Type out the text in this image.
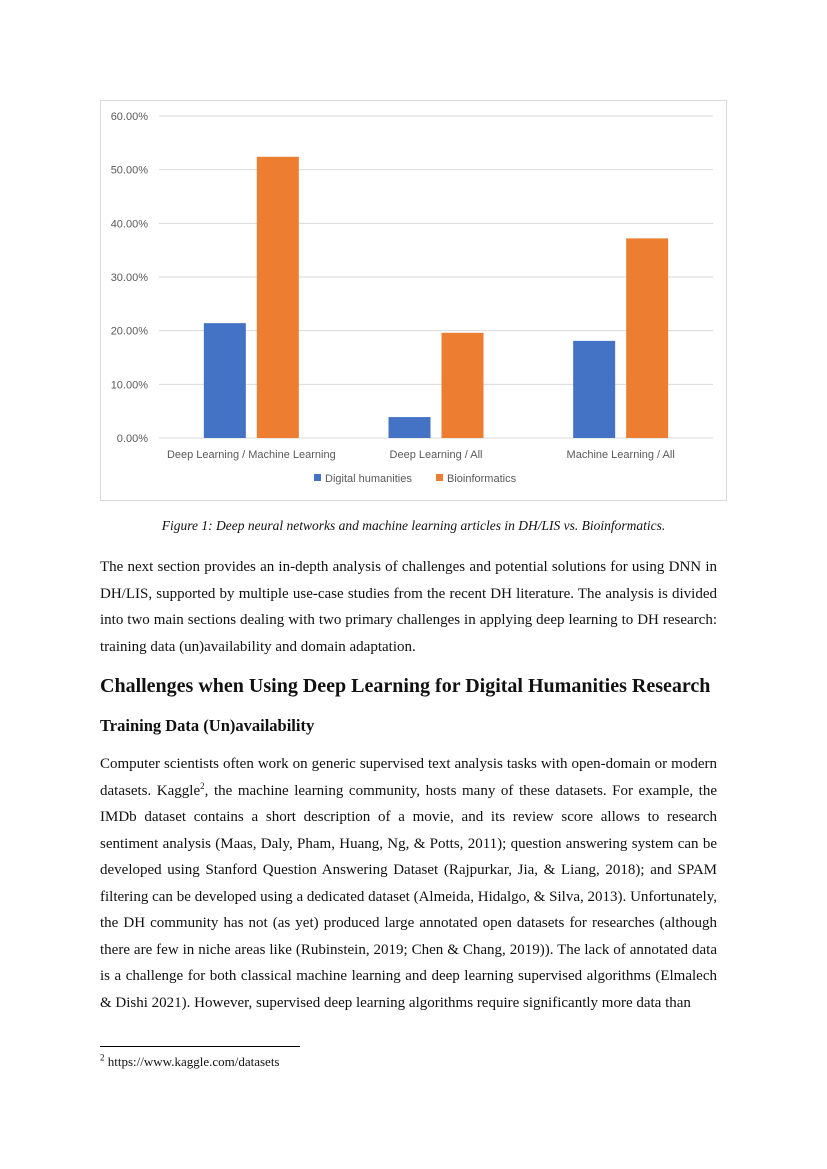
0.00%
10.00%
20.00%
30.00%
40.00%
50.00%
60.00%
Deep Learning / Machine Learning	Deep Learning / All	Machine Learning / All
Digital humanities	Bioinformatics
Figure 1: Deep neural networks and machine learning articles in DH/LIS vs. Bioinformatics.

The next section provides an in-depth analysis of challenges and potential solutions for using DNN in DH/LIS, supported by multiple use-case studies from the recent DH literature. The analysis is divided into two main sections dealing with two primary challenges in applying deep learning to DH research: training data (un)availability and domain adaptation.

Challenges when Using Deep Learning for Digital Humanities Research
Training Data (Un)availability

Computer scientists often work on generic supervised text analysis tasks with open-domain or modern datasets. Kaggle$^2$, the machine learning community, hosts many of these datasets. For example, the IMDb dataset contains a short description of a movie, and its review score allows to research sentiment analysis (Maas, Daly, Pham, Huang, Ng, & Potts, 2011); question answering system can be developed using Stanford Question Answering Dataset (Rajpurkar, Jia, & Liang, 2018); and SPAM filtering can be developed using a dedicated dataset (Almeida, Hidalgo, & Silva, 2013). Unfortunately, the DH community has not (as yet) produced large annotated open datasets for researches (although there are few in niche areas like (Rubinstein, 2019; Chen & Chang, 2019)). The lack of annotated data is a challenge for both classical machine learning and deep learning supervised algorithms (Elmalech & Dishi 2021). However, supervised deep learning algorithms require significantly more data than

$^2$ https://www.kaggle.com/datasets
